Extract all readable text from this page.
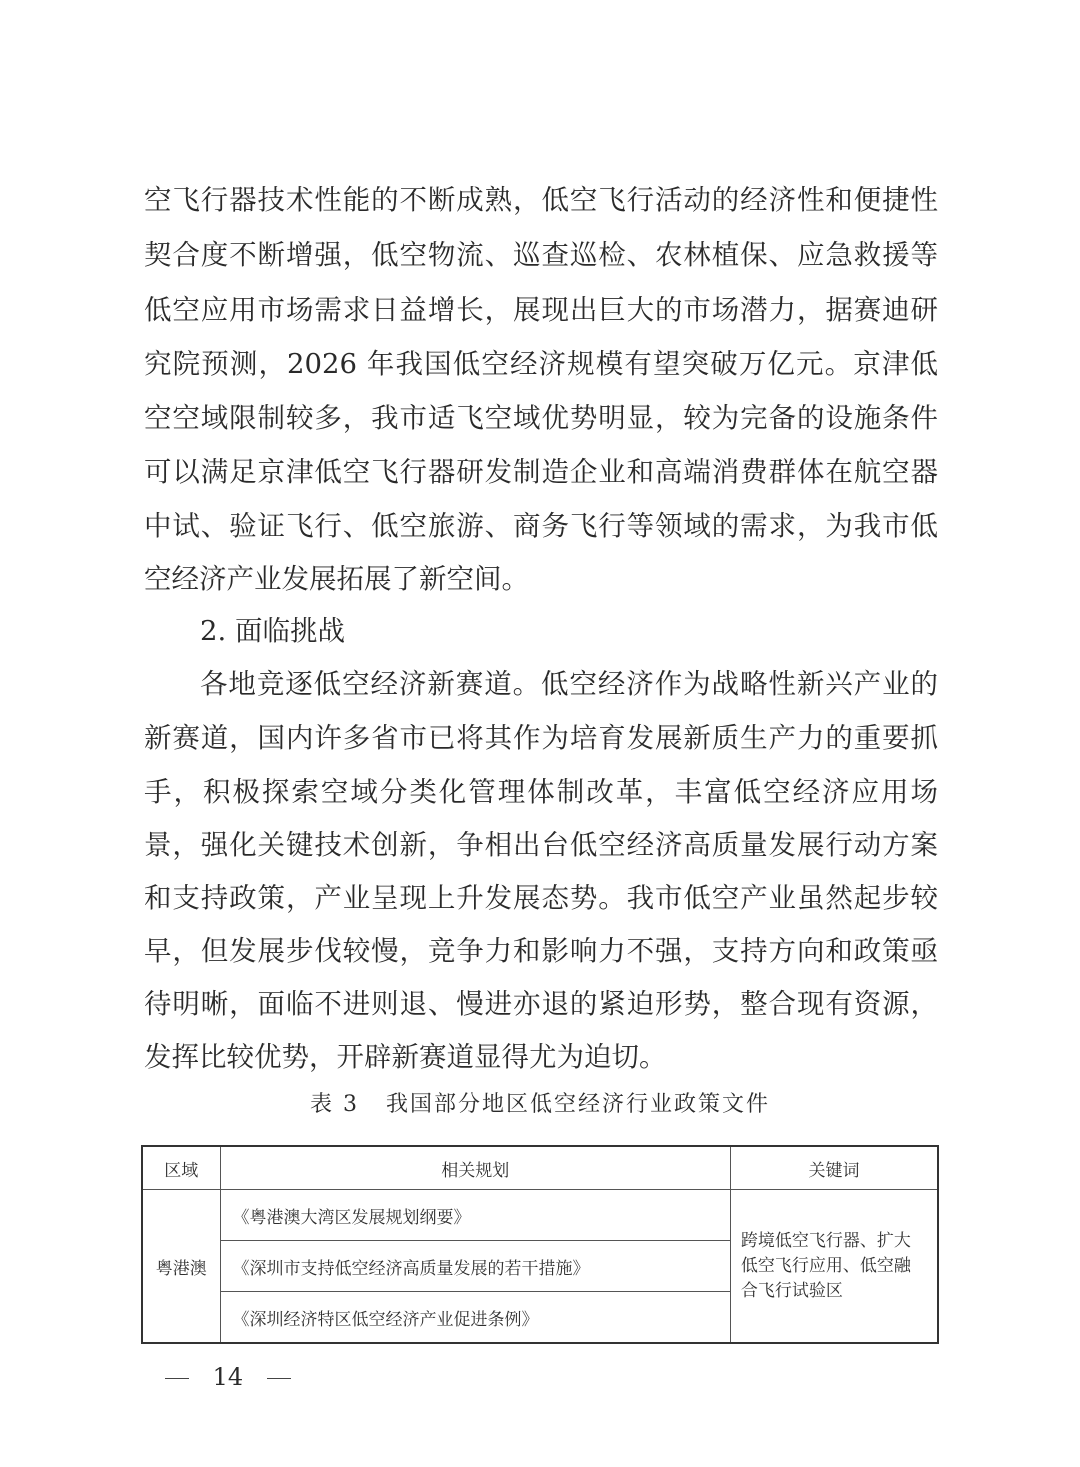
空飞行器技术性能的不断成熟，低空飞行活动的经济性和便捷性
契合度不断增强，低空物流、巡查巡检、农林植保、应急救援等
低空应用市场需求日益增长，展现出巨大的市场潜力，据赛迪研
究院预测，2026 年我国低空经济规模有望突破万亿元。京津低
空空域限制较多，我市适飞空域优势明显，较为完备的设施条件
可以满足京津低空飞行器研发制造企业和高端消费群体在航空器
中试、验证飞行、低空旅游、商务飞行等领域的需求，为我市低
空经济产业发展拓展了新空间。
2. 面临挑战
各地竞逐低空经济新赛道。低空经济作为战略性新兴产业的
新赛道，国内许多省市已将其作为培育发展新质生产力的重要抓
手，积极探索空域分类化管理体制改革，丰富低空经济应用场
景，强化关键技术创新，争相出台低空经济高质量发展行动方案
和支持政策，产业呈现上升发展态势。我市低空产业虽然起步较
早，但发展步伐较慢，竞争力和影响力不强，支持方向和政策亟
待明晰，面临不进则退、慢进亦退的紧迫形势，整合现有资源，
发挥比较优势，开辟新赛道显得尤为迫切。
表 3 我国部分地区低空经济行业政策文件
区域	相关规划	关键词
粤港澳	《粤港澳大湾区发展规划纲要》	跨境低空飞行器、扩大低空飞行应用、低空融合飞行试验区
	《深圳市支持低空经济高质量发展的若干措施》	
	《深圳经济特区低空经济产业促进条例》	
14
